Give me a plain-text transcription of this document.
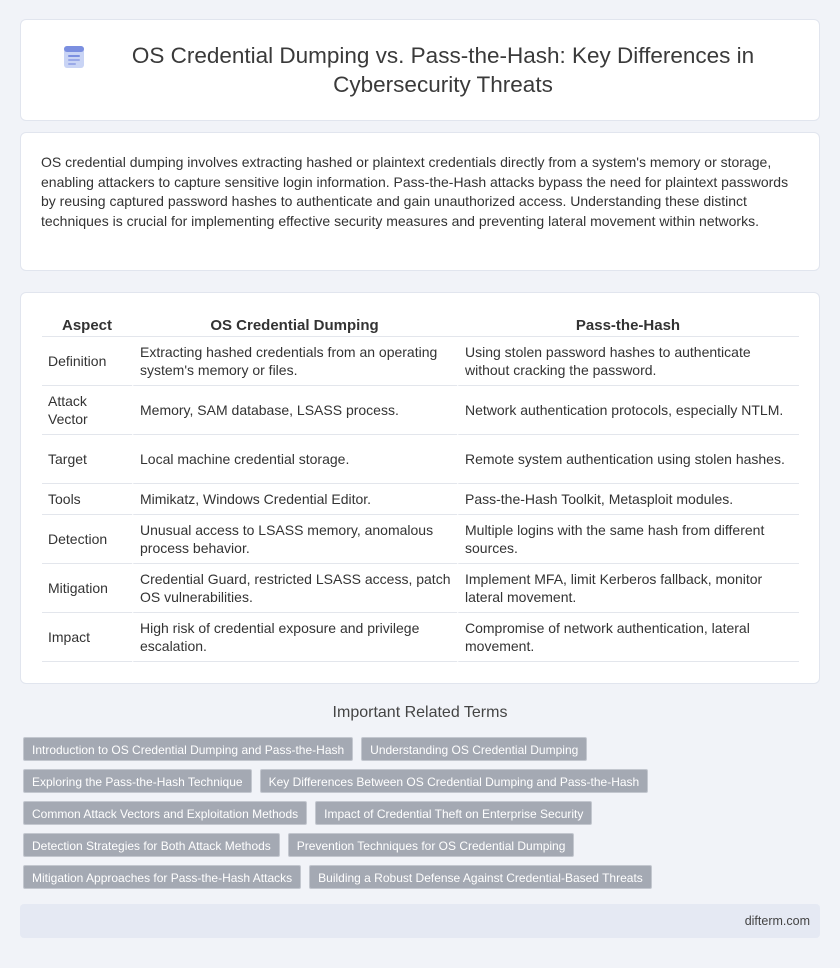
OS Credential Dumping vs. Pass-the-Hash: Key Differences in Cybersecurity Threats

OS credential dumping involves extracting hashed or plaintext credentials directly from a system's memory or storage, enabling attackers to capture sensitive login information. Pass-the-Hash attacks bypass the need for plaintext passwords by reusing captured password hashes to authenticate and gain unauthorized access. Understanding these distinct techniques is crucial for implementing effective security measures and preventing lateral movement within networks.

Aspect	OS Credential Dumping	Pass-the-Hash
Definition	Extracting hashed credentials from an operating system's memory or files.	Using stolen password hashes to authenticate without cracking the password.
Attack Vector	Memory, SAM database, LSASS process.	Network authentication protocols, especially NTLM.
Target	Local machine credential storage.	Remote system authentication using stolen hashes.
Tools	Mimikatz, Windows Credential Editor.	Pass-the-Hash Toolkit, Metasploit modules.
Detection	Unusual access to LSASS memory, anomalous process behavior.	Multiple logins with the same hash from different sources.
Mitigation	Credential Guard, restricted LSASS access, patch OS vulnerabilities.	Implement MFA, limit Kerberos fallback, monitor lateral movement.
Impact	High risk of credential exposure and privilege escalation.	Compromise of network authentication, lateral movement.
Important Related Terms
Introduction to OS Credential Dumping and Pass-the-Hash	Understanding OS Credential Dumping
Exploring the Pass-the-Hash Technique	Key Differences Between OS Credential Dumping and Pass-the-Hash
Common Attack Vectors and Exploitation Methods	Impact of Credential Theft on Enterprise Security
Detection Strategies for Both Attack Methods	Prevention Techniques for OS Credential Dumping
Mitigation Approaches for Pass-the-Hash Attacks	Building a Robust Defense Against Credential-Based Threats
difterm.com
